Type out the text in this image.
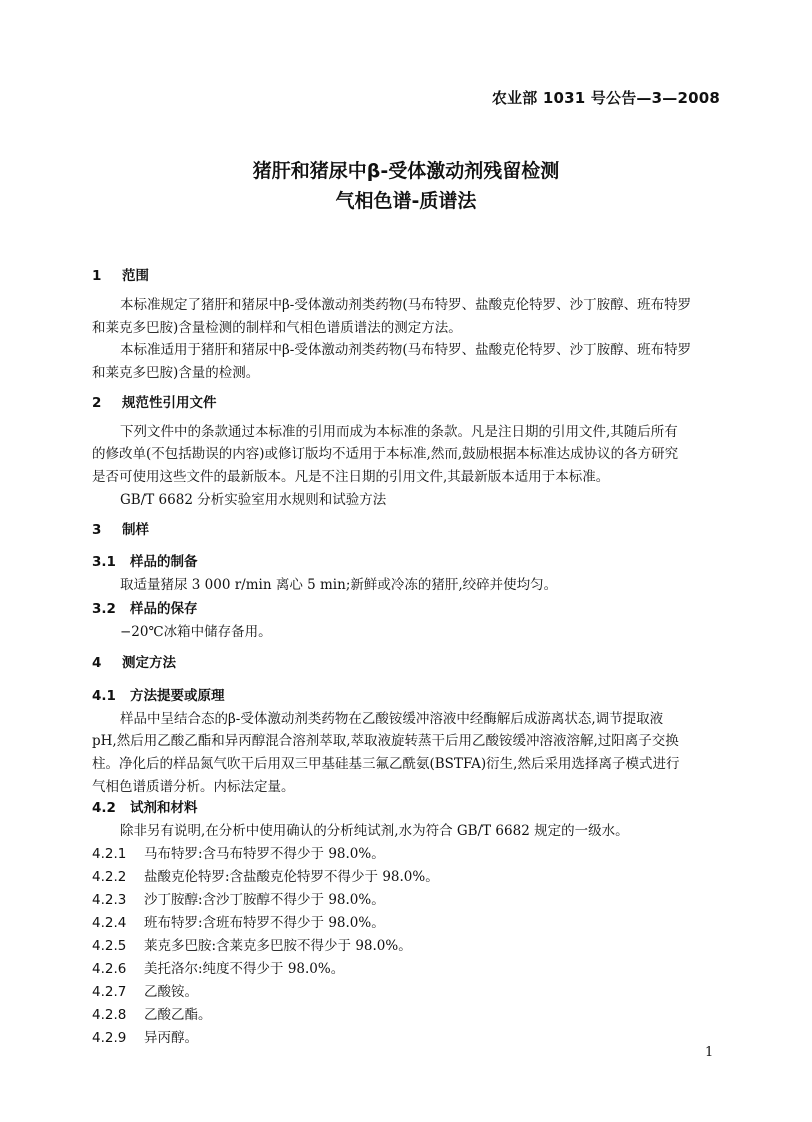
农业部 1031 号公告—3—2008
猪肝和猪尿中β-受体激动剂残留检测
气相色谱-质谱法
1 范围
本标准规定了猪肝和猪尿中β-受体激动剂类药物(马布特罗、盐酸克伦特罗、沙丁胺醇、班布特罗
和莱克多巴胺)含量检测的制样和气相色谱质谱法的测定方法。
本标准适用于猪肝和猪尿中β-受体激动剂类药物(马布特罗、盐酸克伦特罗、沙丁胺醇、班布特罗
和莱克多巴胺)含量的检测。
2 规范性引用文件
下列文件中的条款通过本标准的引用而成为本标准的条款。凡是注日期的引用文件,其随后所有
的修改单(不包括勘误的内容)或修订版均不适用于本标准,然而,鼓励根据本标准达成协议的各方研究
是否可使用这些文件的最新版本。凡是不注日期的引用文件,其最新版本适用于本标准。
GB/T 6682 分析实验室用水规则和试验方法
3 制样
3.1 样品的制备
取适量猪尿 3 000 r/min 离心 5 min;新鲜或冷冻的猪肝,绞碎并使均匀。
3.2 样品的保存
−20℃冰箱中储存备用。
4 测定方法
4.1 方法提要或原理
样品中呈结合态的β-受体激动剂类药物在乙酸铵缓冲溶液中经酶解后成游离状态,调节提取液
pH,然后用乙酸乙酯和异丙醇混合溶剂萃取,萃取液旋转蒸干后用乙酸铵缓冲溶液溶解,过阳离子交换
柱。净化后的样品氮气吹干后用双三甲基硅基三氟乙酰氨(BSTFA)衍生,然后采用选择离子模式进行
气相色谱质谱分析。内标法定量。
4.2 试剂和材料
除非另有说明,在分析中使用确认的分析纯试剂,水为符合 GB/T 6682 规定的一级水。
4.2.1 马布特罗:含马布特罗不得少于 98.0%。
4.2.2 盐酸克伦特罗:含盐酸克伦特罗不得少于 98.0%。
4.2.3 沙丁胺醇:含沙丁胺醇不得少于 98.0%。
4.2.4 班布特罗:含班布特罗不得少于 98.0%。
4.2.5 莱克多巴胺:含莱克多巴胺不得少于 98.0%。
4.2.6 美托洛尔:纯度不得少于 98.0%。
4.2.7 乙酸铵。
4.2.8 乙酸乙酯。
4.2.9 异丙醇。
1
